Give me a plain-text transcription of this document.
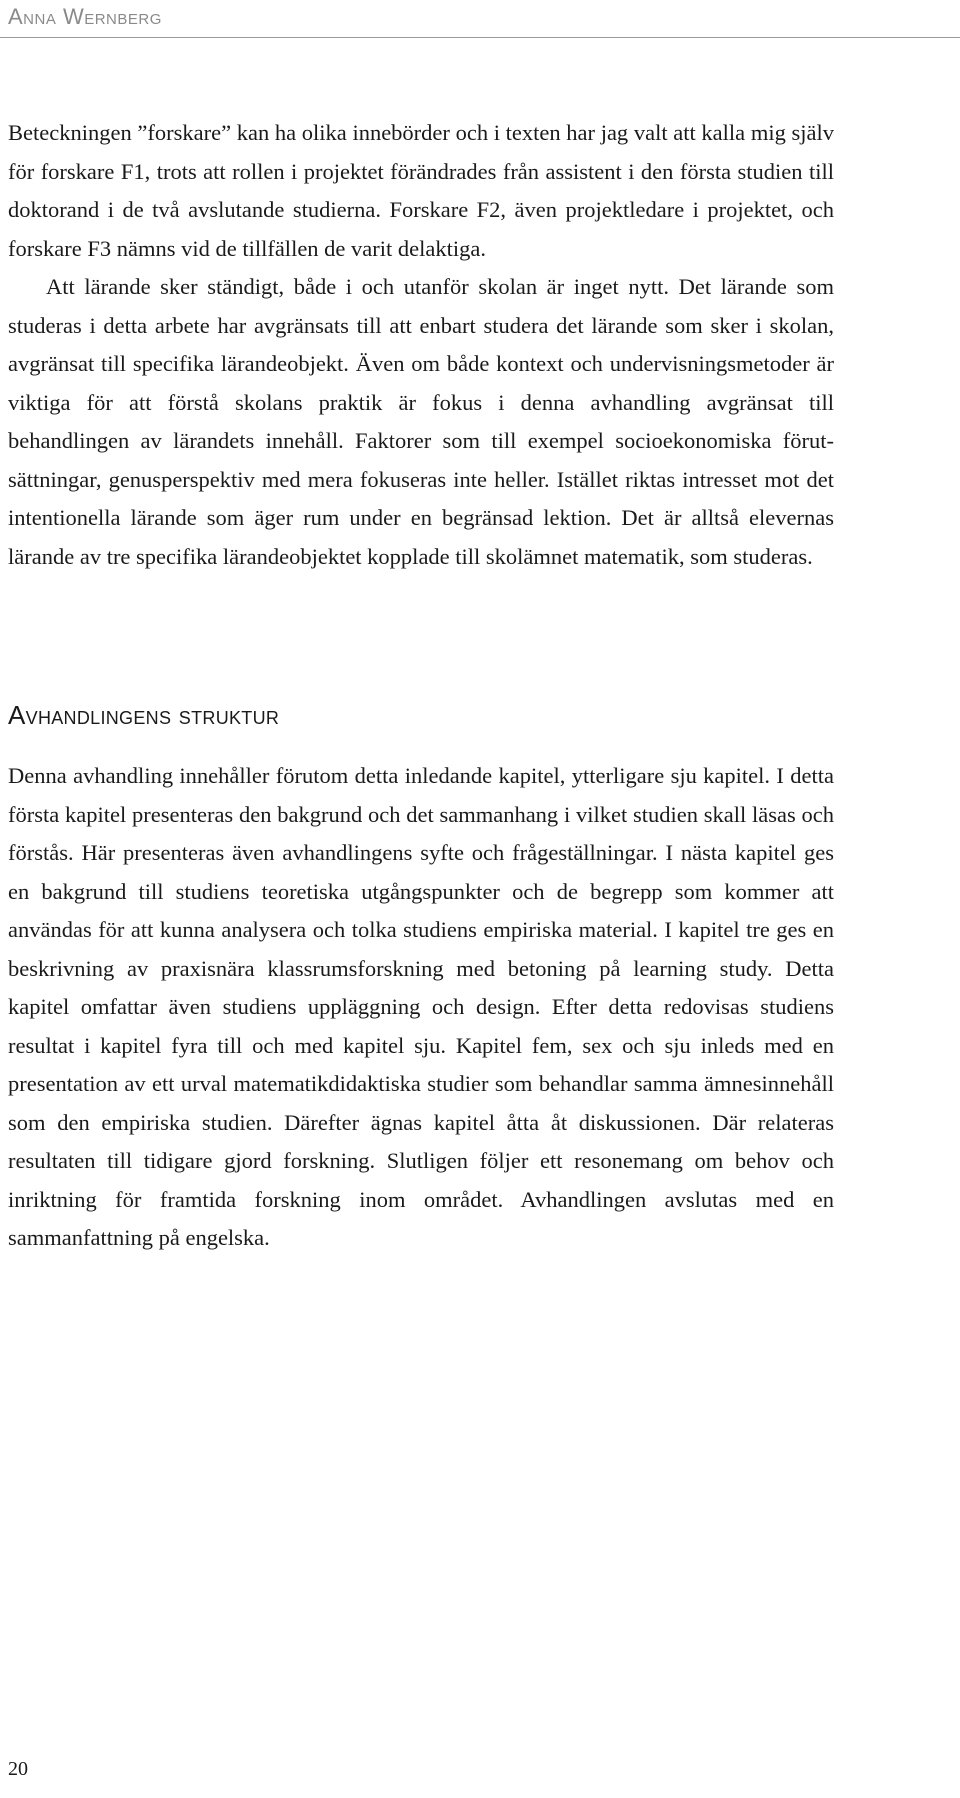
Anna Wernberg

Beteckningen ”forskare” kan ha olika innebörder och i texten har jag valt att kalla mig själv för forskare F1, trots att rollen i projektet förändrades från assistent i den första studien till doktorand i de två avslutande studierna. Forskare F2, även projektledare i projektet, och forskare F3 nämns vid de tillfällen de varit delaktiga.

Att lärande sker ständigt, både i och utanför skolan är inget nytt. Det lärande som studeras i detta arbete har avgränsats till att enbart studera det lärande som sker i skolan, avgränsat till specifika lärandeobjekt. Även om både kontext och undervisningsmetoder är viktiga för att förstå skolans praktik är fokus i denna avhandling avgränsat till behandlingen av lärandets innehåll. Faktorer som till exempel socioekonomiska förutsättningar, genusperspektiv med mera fokuseras inte heller. Istället riktas intresset mot det intentionella lärande som äger rum under en begränsad lektion. Det är alltså elevernas lärande av tre specifika lärandeobjektet kopplade till skolämnet matematik, som studeras.

Avhandlingens struktur

Denna avhandling innehåller förutom detta inledande kapitel, ytterligare sju kapitel. I detta första kapitel presenteras den bakgrund och det sammanhang i vilket studien skall läsas och förstås. Här presenteras även avhandlingens syfte och frågeställningar. I nästa kapitel ges en bakgrund till studiens teoretiska utgångspunkter och de begrepp som kommer att användas för att kunna analysera och tolka studiens empiriska material. I kapitel tre ges en beskrivning av praxisnära klassrumsforskning med betoning på learning study. Detta kapitel omfattar även studiens uppläggning och design. Efter detta redovisas studiens resultat i kapitel fyra till och med kapitel sju. Kapitel fem, sex och sju inleds med en presentation av ett urval matematikdidaktiska studier som behandlar samma ämnesinnehåll som den empiriska studien. Därefter ägnas kapitel åtta åt diskussionen. Där relateras resultaten till tidigare gjord forskning. Slutligen följer ett resonemang om behov och inriktning för framtida forskning inom området. Avhandlingen avslutas med en sammanfattning på engelska.

20
